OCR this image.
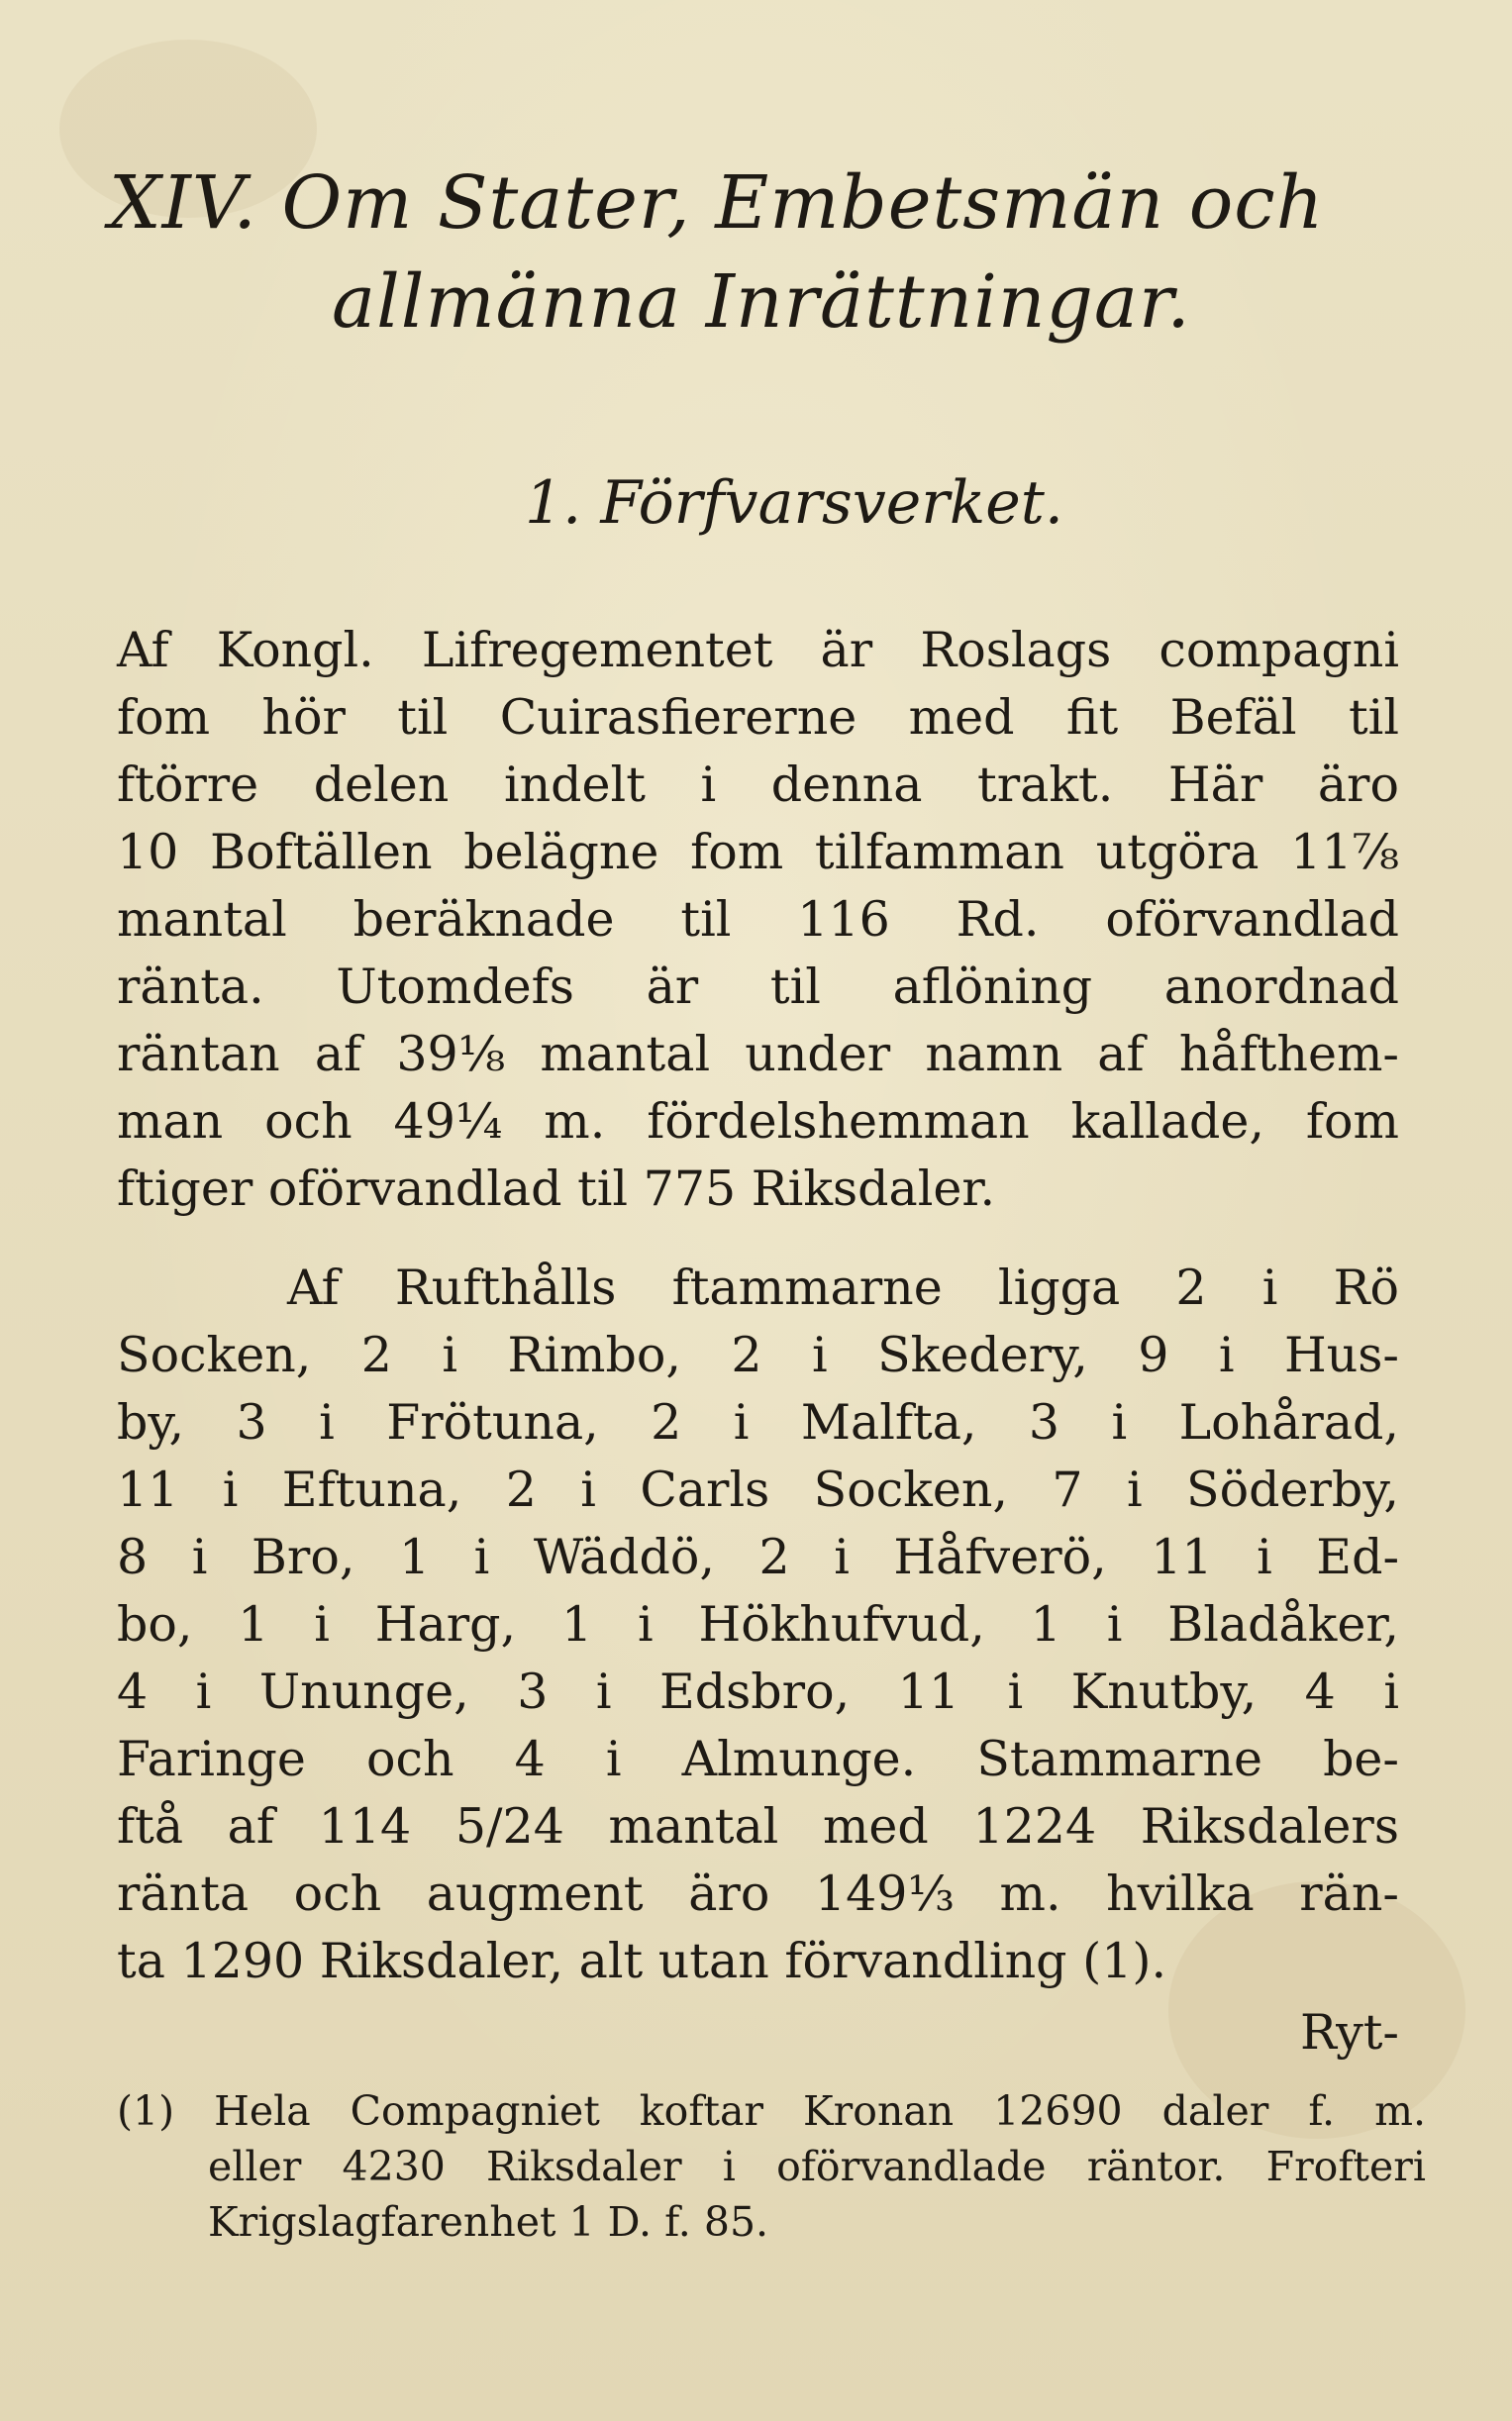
XIV. Om Stater, Embetsmän och
allmänna Inrättningar.
1. Förfvarsverket.
Af Kongl. Lifregementet är Roslags compagni
fom hör til Cuirasfiererne med fit Befäl til
ftörre delen indelt i denna trakt. Här äro
10 Boftällen belägne fom tilfamman utgöra 11⅞
mantal beräknade til 116 Rd. oförvandlad
ränta. Utomdefs är til aflöning anordnad
räntan af 39⅛ mantal under namn af håfthem-
man och 49¼ m. fördelshemman kallade, fom
ftiger oförvandlad til 775 Riksdaler.
Af Rufthålls ftammarne ligga 2 i Rö
Socken, 2 i Rimbo, 2 i Skedery, 9 i Hus-
by, 3 i Frötuna, 2 i Malfta, 3 i Lohårad,
11 i Eftuna, 2 i Carls Socken, 7 i Söderby,
8 i Bro, 1 i Wäddö, 2 i Håfverö, 11 i Ed-
bo, 1 i Harg, 1 i Hökhufvud, 1 i Bladåker,
4 i Ununge, 3 i Edsbro, 11 i Knutby, 4 i
Faringe och 4 i Almunge. Stammarne be-
ftå af 114 5/24 mantal med 1224 Riksdalers
ränta och augment äro 149⅓ m. hvilka rän-
ta 1290 Riksdaler, alt utan förvandling (1).
Ryt-
(1) Hela Compagniet koftar Kronan 12690 daler f. m.
eller 4230 Riksdaler i oförvandlade räntor. Frofteri
Krigslagfarenhet 1 D. f. 85.
